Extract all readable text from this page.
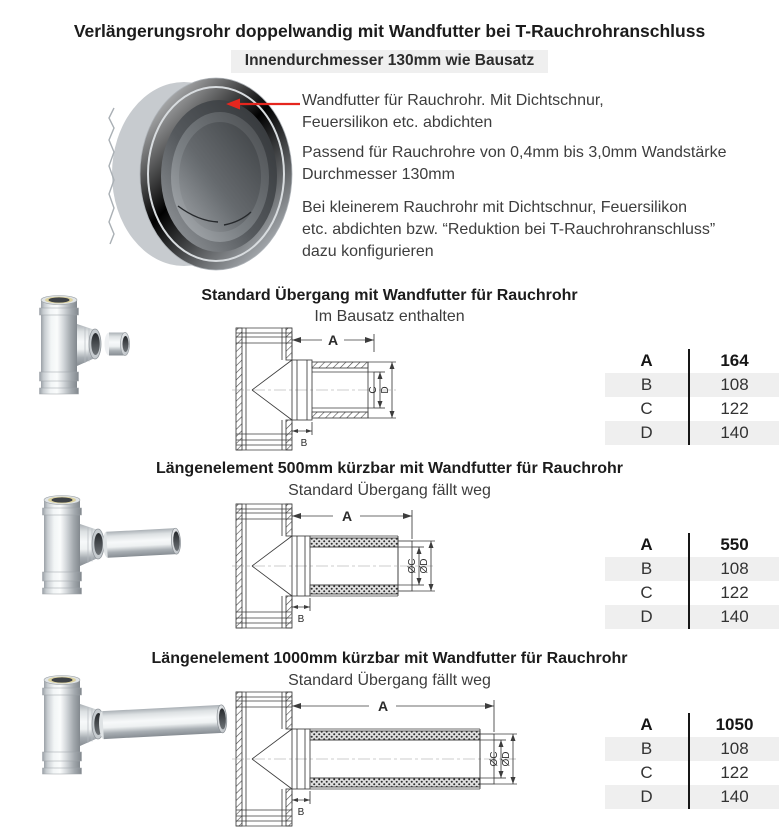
Verlängerungsrohr doppelwandig mit Wandfutter bei T-Rauchrohranschluss
Innendurchmesser 130mm wie Bausatz
Wandfutter für Rauchrohr. Mit Dichtschnur,
Feuersilikon etc. abdichten
Passend für Rauchrohre von 0,4mm bis 3,0mm Wandstärke
Durchmesser 130mm
Bei kleinerem Rauchrohr mit Dichtschnur, Feuersilikon
etc. abdichten bzw. “Reduktion bei T-Rauchrohranschluss”
dazu konfigurieren
Standard Übergang mit Wandfutter für Rauchrohr
Im Bausatz enthalten
A
C D
B
A	164
B	108
C	122
D	140
Längenelement 500mm kürzbar mit Wandfutter für Rauchrohr
Standard Übergang fällt weg
A
ØC ØD
B
A	550
B	108
C	122
D	140
Längenelement 1000mm kürzbar mit Wandfutter für Rauchrohr
Standard Übergang fällt weg
A
ØC ØD
B
A	1050
B	108
C	122
D	140
